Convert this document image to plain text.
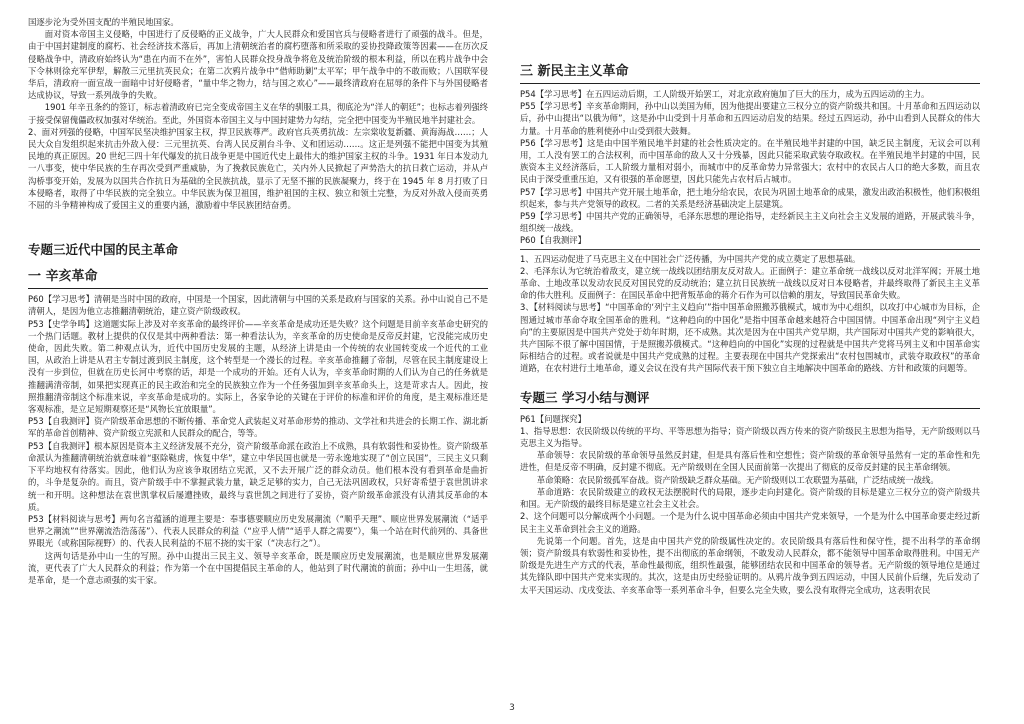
国逐步沦为受外国支配的半殖民地国家。

面对资本帝国主义侵略，中国进行了反侵略的正义战争，广大人民群众和爱国官兵与侵略者进行了顽强的战斗。但是，由于中国封建制度的腐朽、社会经济技术落后，再加上清朝统治者的腐朽堕落和所采取的妥协投降政策等因素——在历次反侵略战争中，清政府始终认为“患在内而不在外”，害怕人民群众投身战争将危及统治阶级的根本利益，所以在鸦片战争中会下令林则徐充军伊犁，解散三元里抗英民众；在第二次鸦片战争中“借师助剿”太平军；甲午战争中的不敢而败；八国联军侵华后，清政府一面宣战一面暗中讨好侵略者，“量中华之物力，结与国之欢心”——最终清政府在屈辱的条件下与外国侵略者达成协议，导致一系列战争的失败。

1901 年辛丑条约的签订，标志着清政府已完全变成帝国主义在华的驯服工具，彻底沦为“洋人的朝廷”；也标志着列强终于接受保留傀儡政权加强对华统治。至此，外国资本帝国主义与中国封建势力勾结，完全把中国变为半殖民地半封建社会。

2、面对列强的侵略，中国军民坚决维护国家主权，捍卫民族尊严。政府官兵英勇抗战：左宗棠收复新疆、黄海海战……；人民大众自发组织起来抗击外敌入侵：三元里抗英、台湾人民反割台斗争、义和团运动……。这正是列强不能把中国变为其殖民地的真正原因。20 世纪三四十年代爆发的抗日战争更是中国近代史上最伟大的维护国家主权的斗争。1931 年日本发动九一八事变，使中华民族的生存再次受到严重威胁，为了挽救民族危亡，关内外人民掀起了声势浩大的抗日救亡运动，并从卢沟桥事变开始，发展为以国共合作抗日为基础的全民族抗战，显示了无坚不摧的民族凝聚力，终于在 1945 年 8 月打败了日本侵略者，取得了中华民族的完全独立。中华民族为保卫祖国，维护祖国的主权、独立和领土完整，为反对外敌入侵而英勇不屈的斗争精神构成了爱国主义的重要内涵，激励着中华民族团结奋勇。

专题三近代中国的民主革命
一 辛亥革命

P60【学习思考】清朝是当时中国的政府，中国是一个国家，因此清朝与中国的关系是政府与国家的关系。孙中山说自己不是清朝人，是因为他立志推翻清朝统治，建立资产阶级政权。

P53【史学争鸣】这道题实际上涉及对辛亥革命的最终评价——辛亥革命是成功还是失败？这个问题是目前辛亥革命史研究的一个热门话题。教材上提供的仅仅是其中两种看法：第一种看法认为，辛亥革命的历史使命是反帝反封建，它没能完成历史使命，因此失败。第二种观点认为，近代中国历史发展的主题，从经济上讲是由一个传统的农业国转变成一个近代的工业国，从政治上讲是从君主专制过渡到民主制度，这个转型是一个漫长的过程。辛亥革命推翻了帝制，尽管在民主制度建设上没有一步到位，但就在历史长河中考察的话，却是一个成功的开始。还有人认为，辛亥革命时期的人们认为自己的任务就是推翻满清帝制，如果把实现真正的民主政治和完全的民族独立作为一个任务强加到辛亥革命头上，这是苛求古人。因此，按照推翻清帝制这个标准来说，辛亥革命是成功的。实际上，各家争论的关键在于评价的标准和评价的角度，是主观标准还是客观标准，是立足短期观察还是“风物长宜放眼量”。

P53【自我测评】资产阶级革命思想的不断传播、革命党人武装起义对革命形势的推动、文学社和共进会的长期工作、湖北新军的革命首创精神、资产阶级立宪派和人民群众的配合，等等。

P53【自我测评】根本原因是资本主义经济发展不充分，资产阶级革命派在政治上不成熟，具有软弱性和妥协性。资产阶级革命派认为推翻清朝统治就意味着“驱除鞑虏，恢复中华”，建立中华民国也就是一劳永逸地实现了“创立民国”，三民主义只剩下平均地权有待落实。因此，他们认为应该争取团结立宪派，又不去开展广泛的群众动员。他们根本没有看到革命是曲折的，斗争是复杂的。而且，资产阶级手中不掌握武装力量，缺乏足够的实力，自己无法巩固政权，只好寄希望于袁世凯讲求统一和开明。这种想法在袁世凯掌权后屡遭挫败，最终与袁世凯之间进行了妥协，资产阶级革命派没有认清其反革命的本质。

P53【材料阅读与思考】两句名言蕴涵的道理主要是：奉事德要顺应历史发展潮流（“顺乎天理”、顺应世界发展潮流（“适乎世界之潮流”“世界潮流浩浩荡荡”）、代表人民群众的利益（“应乎人情”“适乎人群之需要”），集一个站在时代前列的、具备世界眼光（或称国际视野）的、代表人民利益的不屈不挠的实干家（“决志行之”）。

这两句话是孙中山一生的写照。孙中山提出三民主义、领导辛亥革命，既是顺应历史发展潮流，也是顺应世界发展潮流，更代表了广大人民群众的利益；作为第一个在中国提倡民主革命的人，他站到了时代潮流的前面；孙中山一生坦荡，就是革命，是一个意志顽强的实干家。

三 新民主主义革命

P54【学习思考】在五四运动后期，工人阶级开始罢工，对北京政府施加了巨大的压力，成为五四运动的主力。

P55【学习思考】辛亥革命期间，孙中山以美国为师，因为他提出要建立三权分立的资产阶级共和国。十月革命和五四运动以后，孙中山提出“以俄为师”，这是孙中山受到十月革命和五四运动启发的结果。经过五四运动，孙中山看到人民群众的伟大力量。十月革命的胜利使孙中山受到很大鼓舞。

P56【学习思考】这是由中国半殖民地半封建的社会性质决定的。在半殖民地半封建的中国，缺乏民主制度，无议会可以利用，工人没有罢工的合法权利，而中国革命的敌人又十分残暴，因此只能采取武装夺取政权。在半殖民地半封建的中国，民族资本主义经济落后，工人阶级力量相对弱小，而城市中的反革命势力异常强大；农村中的农民占人口的绝大多数，而且农民由于深受重重压迫，又有很强的革命愿望，因此只能先占农村后占城市。

P57【学习思考】中国共产党开展土地革命，把土地分给农民，农民为巩固土地革命的成果，激发出政治积极性，他们积极组织起来，参与共产党领导的政权。二者的关系是经济基础决定上层建筑。

P59【学习思考】中国共产党的正确领导，毛泽东思想的理论指导，走经新民主主义向社会主义发展的道路，开展武装斗争，组织统一战线。

P60【自我测评】

1、五四运动促进了马克思主义在中国社会广泛传播，为中国共产党的成立奠定了思想基础。

2、毛泽东认为它统治着敌支，建立统一战线以团结朋友反对敌人。正面例子：建立革命统一战线以反对北洋军阀；开展土地革命、土地改革以发动农民反对国民党的反动统治；建立抗日民族统一战线以反对日本侵略者，并最终取得了新民主主义革命的伟大胜利。反面例子：在国民革命中把背叛革命的蒋介石作为可以信赖的朋友，导致国民革命失败。

3、【材料阅读与思考】“中国革命的‘列宁主义趋向’”指中国革命照搬苏俄模式，城市为中心组织，以攻打中心城市为目标，企图通过城市革命夺取全国革命的胜利。“这种趋向的中国化”是指中国革命越来越符合中国国情。中国革命出现“列宁主义趋向”的主要原因是中国共产党处于幼年时期，还不成熟。其次是因为在中国共产党早期，共产国际对中国共产党的影响很大，共产国际不很了解中国国情，于是照搬苏俄模式。“这种趋向的中国化”实现的过程就是中国共产党将马列主义和中国革命实际相结合的过程。或者说就是中国共产党成熟的过程。主要表现在中国共产党探索出“农村包围城市，武装夺取政权”的革命道路，在农村进行土地革命，遵义会议在没有共产国际代表干预下独立自主地解决中国革命的路线、方针和政策的问题等。

专题三 学习小结与测评

P61【问题探究】

1、指导思想：农民阶级以传统的平均、平等思想为指导；资产阶级以西方传来的资产阶级民主思想为指导，无产阶级则以马克思主义为指导。

革命领导：农民阶级的革命领导虽然反封建，但是具有落后性和空想性；资产阶级的革命领导虽然有一定的革命性和先进性，但是反帝不明确，反封建不彻底。无产阶级则在全国人民面前第一次提出了彻底的反帝反封建的民主革命纲领。

革命策略：农民阶级孤军奋战。资产阶级缺乏群众基础。无产阶级则以工农联盟为基础，广泛结成统一战线。

革命道路：农民阶级建立的政权无法摆脱时代的局限，逐步走向封建化。资产阶级的目标是建立三权分立的资产阶级共和国。无产阶级的最终目标是建立社会主义社会。

2、这个问题可以分解成两个小问题。一个是为什么说中国革命必须由中国共产党来领导，一个是为什么中国革命要走经过新民主主义革命到社会主义的道路。

先说第一个问题。首先，这是由中国共产党的阶级属性决定的。农民阶级具有落后性和保守性，提不出科学的革命纲领；资产阶级具有软弱性和妥协性，提不出彻底的革命纲领，不敢发动人民群众，都不能领导中国革命取得胜利。中国无产阶级是先进生产方式的代表，革命性最彻底，组织性最强，能够团结农民和中国革命的领导者。无产阶级的领导地位是通过其先锋队即中国共产党来实现的。其次，这是由历史经验证明的。从鸦片战争到五四运动，中国人民前仆后继，先后发动了太平天国运动、戊戌变法、辛亥革命等一系列革命斗争，但要么完全失败，要么没有取得完全成功，这表明农民

3
